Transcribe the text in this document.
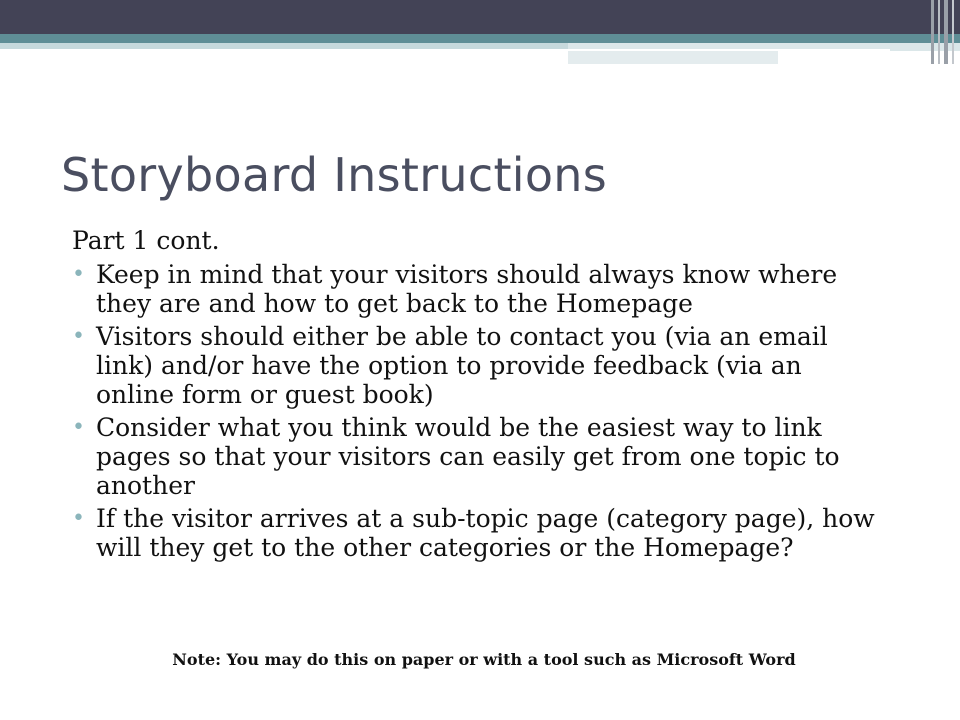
Storyboard Instructions
Part 1 cont.
• Keep in mind that your visitors should always know where they are and how to get back to the Homepage
• Visitors should either be able to contact you (via an email link) and/or have the option to provide feedback (via an online form or guest book)
• Consider what you think would be the easiest way to link pages so that your visitors can easily get from one topic to another
• If the visitor arrives at a sub-topic page (category page), how will they get to the other categories or the Homepage?
Note: You may do this on paper or with a tool such as Microsoft Word
